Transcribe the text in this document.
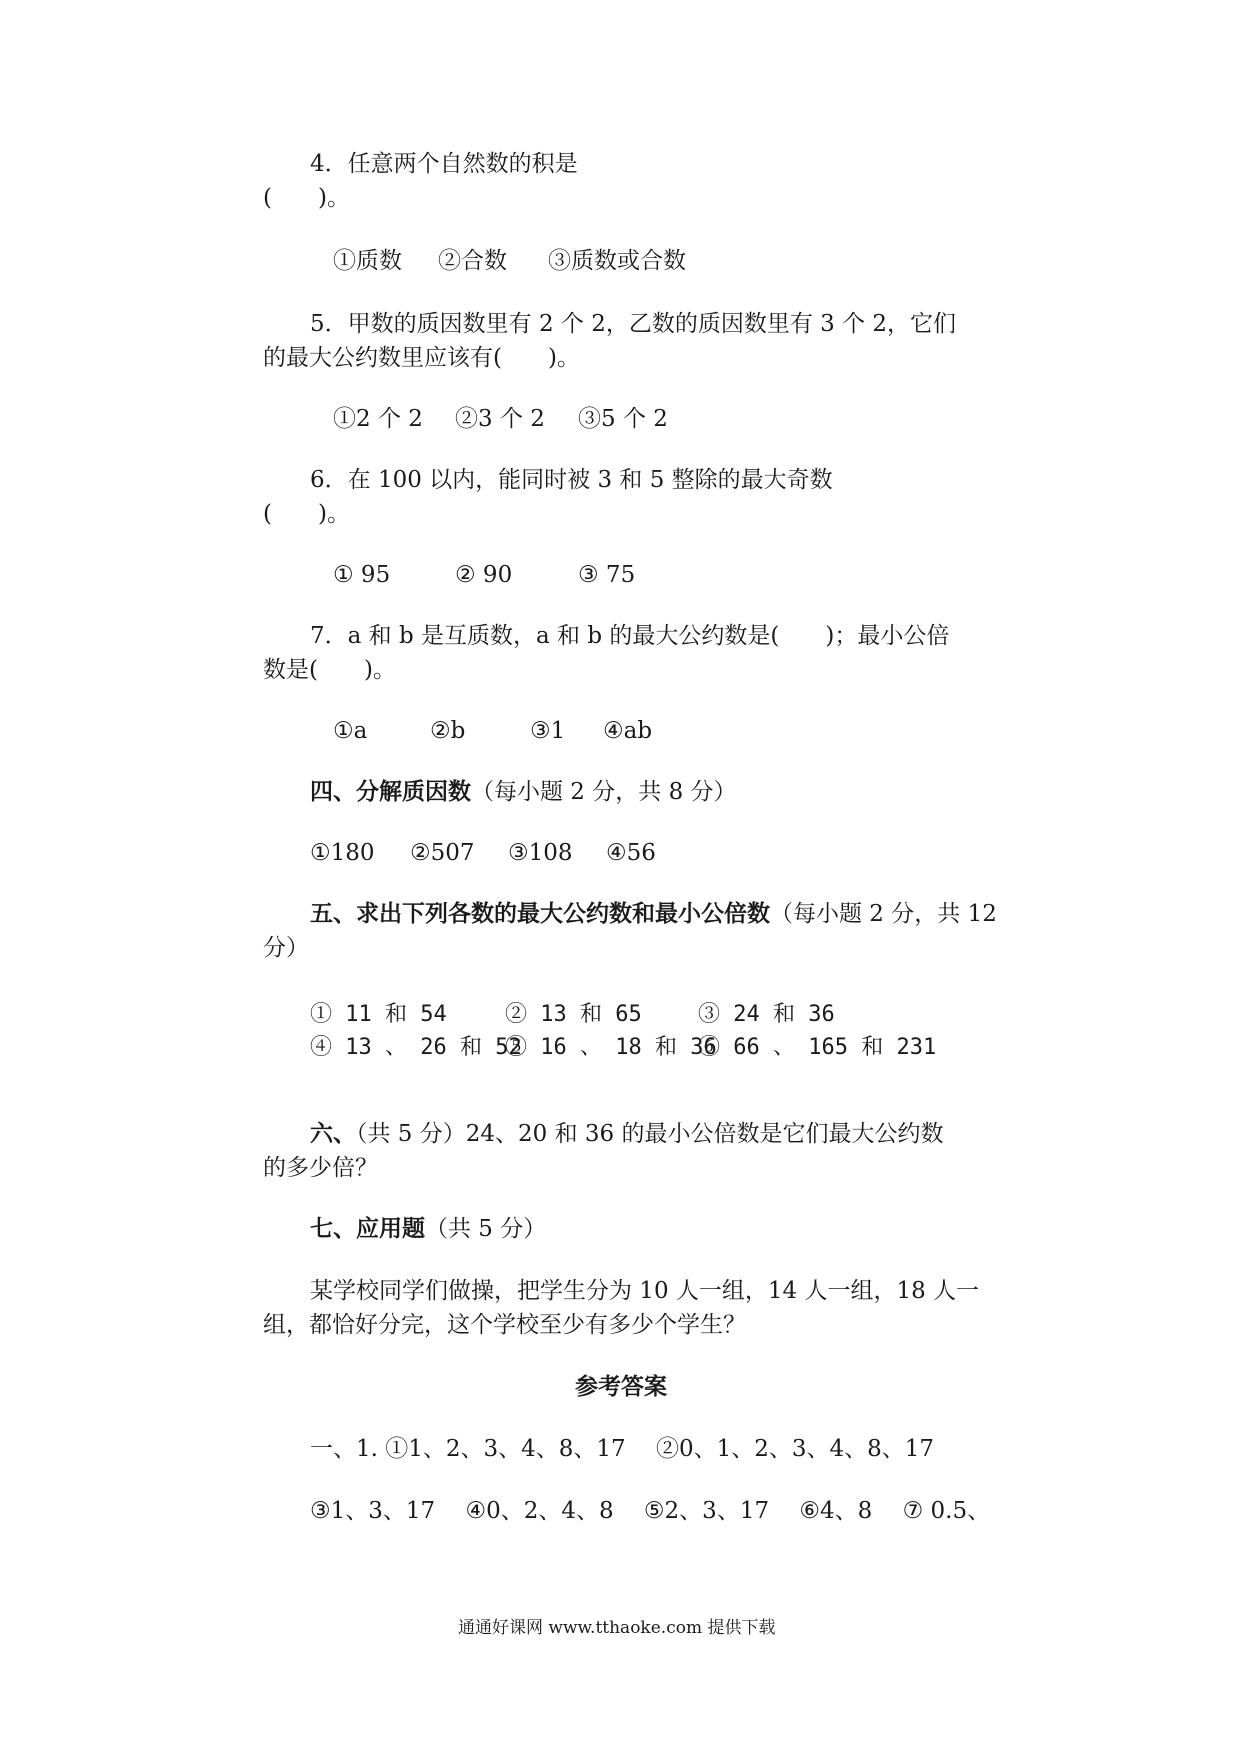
4．任意两个自然数的积是
(　　)。
①质数 ②合数 ③质数或合数
5．甲数的质因数里有 2 个 2，乙数的质因数里有 3 个 2，它们
的最大公约数里应该有(　　)。
①2 个 2 ②3 个 2 ③5 个 2
6．在 100 以内，能同时被 3 和 5 整除的最大奇数
(　　)。
① 95	② 90	③ 75
7．a 和 b 是互质数，a 和 b 的最大公约数是(　　)；最小公倍
数是(　　)。
①a	②b	③1 ④ab
四、分解质因数（每小题 2 分，共 8 分）
①180 ②507 ③108 ④56
五、求出下列各数的最大公约数和最小公倍数（每小题 2 分，共 12
分）
① 11 和 54	② 13 和 65	③ 24 和 36
④ 13 、 26 和 52
⑤ 16 、 18 和 36
⑥ 66 、 165 和 231
六、（共 5 分）24、20 和 36 的最小公倍数是它们最大公约数
的多少倍？
七、应用题（共 5 分）
某学校同学们做操，把学生分为 10 人一组，14 人一组，18 人一
组，都恰好分完，这个学校至少有多少个学生？
参考答案
一、1. ①1、2、3、4、8、17　 ②0、1、2、3、4、8、17
③1、3、17　 ④0、2、4、8　 ⑤2、3、17　 ⑥4、8　 ⑦ 0.5、
通通好课网 www.tthaoke.com 提供下载
